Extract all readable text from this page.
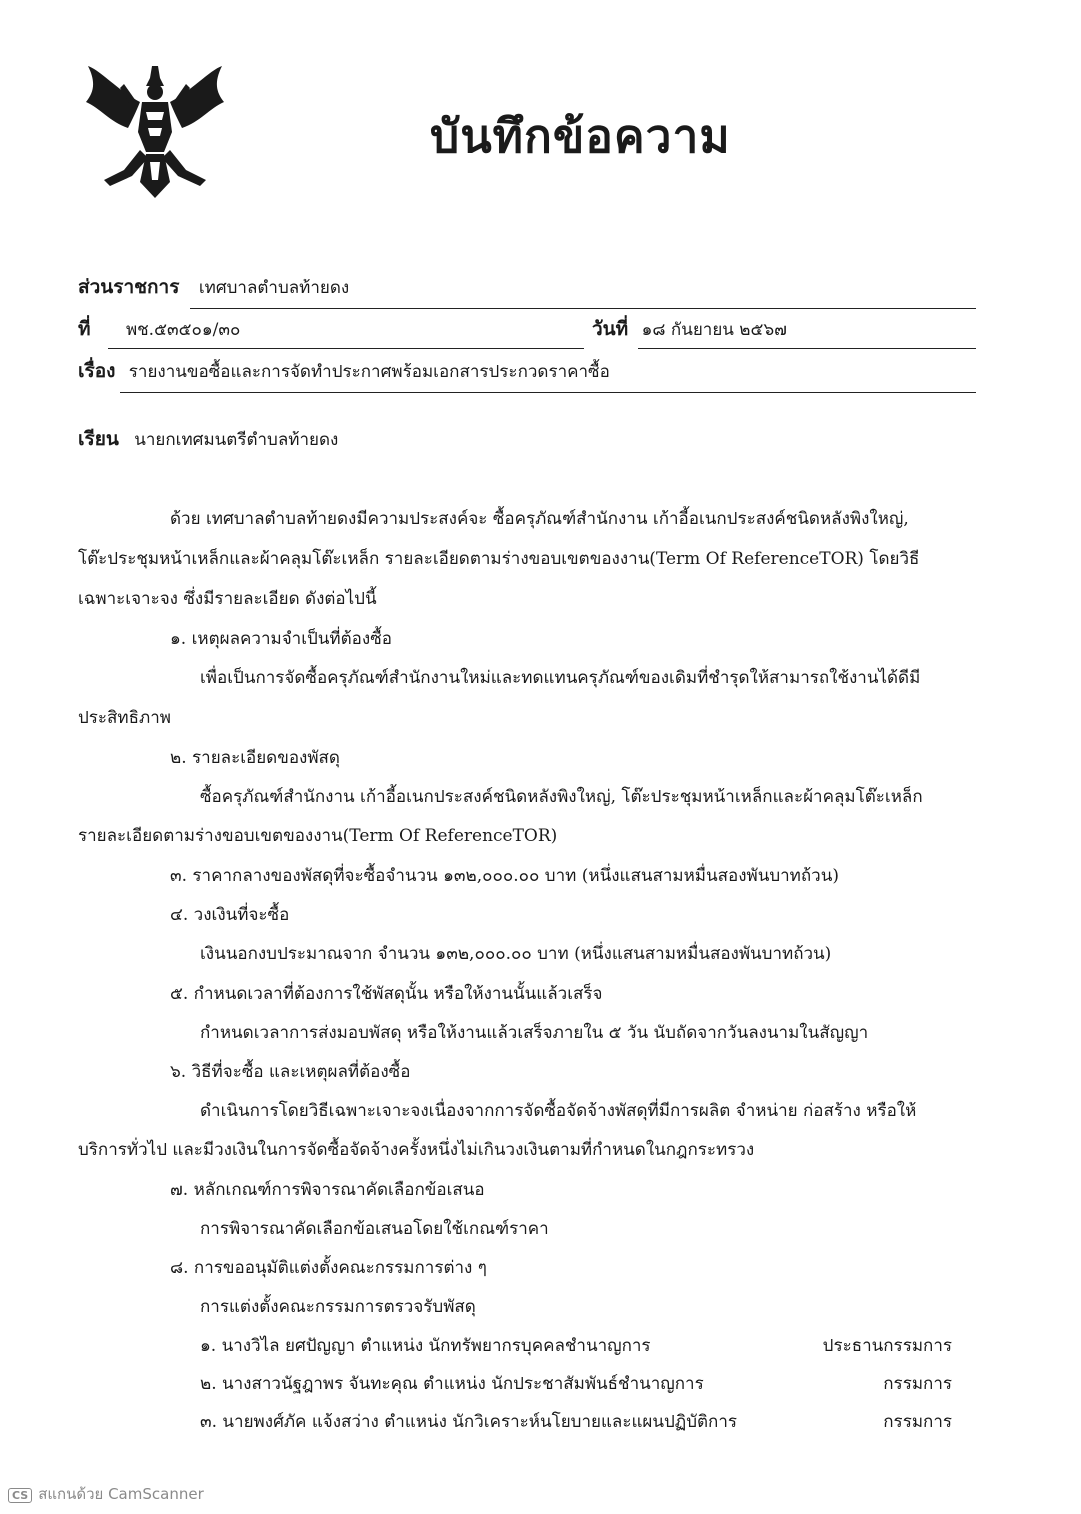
บันทึกข้อความ
ส่วนราชการ เทศบาลตำบลท้ายดง
ที่ พช.๕๓๕๐๑/๓๐	วันที่ ๑๘ กันยายน ๒๕๖๗
เรื่อง รายงานขอซื้อและการจัดทำประกาศพร้อมเอกสารประกวดราคาซื้อ
เรียน นายกเทศมนตรีตำบลท้ายดง
ด้วย เทศบาลตำบลท้ายดงมีความประสงค์จะ ซื้อครุภัณฑ์สำนักงาน เก้าอี้อเนกประสงค์ชนิดหลังพิงใหญ่,
โต๊ะประชุมหน้าเหล็กและผ้าคลุมโต๊ะเหล็ก รายละเอียดตามร่างขอบเขตของงาน(Term Of ReferenceTOR) โดยวิธี
เฉพาะเจาะจง ซึ่งมีรายละเอียด ดังต่อไปนี้
๑. เหตุผลความจำเป็นที่ต้องซื้อ
เพื่อเป็นการจัดซื้อครุภัณฑ์สำนักงานใหม่และทดแทนครุภัณฑ์ของเดิมที่ชำรุดให้สามารถใช้งานได้ดีมี
ประสิทธิภาพ
๒. รายละเอียดของพัสดุ
ซื้อครุภัณฑ์สำนักงาน เก้าอี้อเนกประสงค์ชนิดหลังพิงใหญ่, โต๊ะประชุมหน้าเหล็กและผ้าคลุมโต๊ะเหล็ก
รายละเอียดตามร่างขอบเขตของงาน(Term Of ReferenceTOR)
๓. ราคากลางของพัสดุที่จะซื้อจำนวน ๑๓๒,๐๐๐.๐๐ บาท (หนึ่งแสนสามหมื่นสองพันบาทถ้วน)
๔. วงเงินที่จะซื้อ
เงินนอกงบประมาณจาก จำนวน ๑๓๒,๐๐๐.๐๐ บาท (หนึ่งแสนสามหมื่นสองพันบาทถ้วน)
๕. กำหนดเวลาที่ต้องการใช้พัสดุนั้น หรือให้งานนั้นแล้วเสร็จ
กำหนดเวลาการส่งมอบพัสดุ หรือให้งานแล้วเสร็จภายใน ๕ วัน นับถัดจากวันลงนามในสัญญา
๖. วิธีที่จะซื้อ และเหตุผลที่ต้องซื้อ
ดำเนินการโดยวิธีเฉพาะเจาะจงเนื่องจากการจัดซื้อจัดจ้างพัสดุที่มีการผลิต จำหน่าย ก่อสร้าง หรือให้
บริการทั่วไป และมีวงเงินในการจัดซื้อจัดจ้างครั้งหนึ่งไม่เกินวงเงินตามที่กำหนดในกฎกระทรวง
๗. หลักเกณฑ์การพิจารณาคัดเลือกข้อเสนอ
การพิจารณาคัดเลือกข้อเสนอโดยใช้เกณฑ์ราคา
๘. การขออนุมัติแต่งตั้งคณะกรรมการต่าง ๆ
การแต่งตั้งคณะกรรมการตรวจรับพัสดุ
๑. นางวิไล ยศปัญญา ตำแหน่ง นักทรัพยากรบุคคลชำนาญการ	ประธานกรรมการ
๒. นางสาวนัฐฎาพร จันทะคุณ ตำแหน่ง นักประชาสัมพันธ์ชำนาญการ	กรรมการ
๓. นายพงศ์ภัค แจ้งสว่าง ตำแหน่ง นักวิเคราะห์นโยบายและแผนปฏิบัติการ	กรรมการ
CS สแกนด้วย CamScanner
